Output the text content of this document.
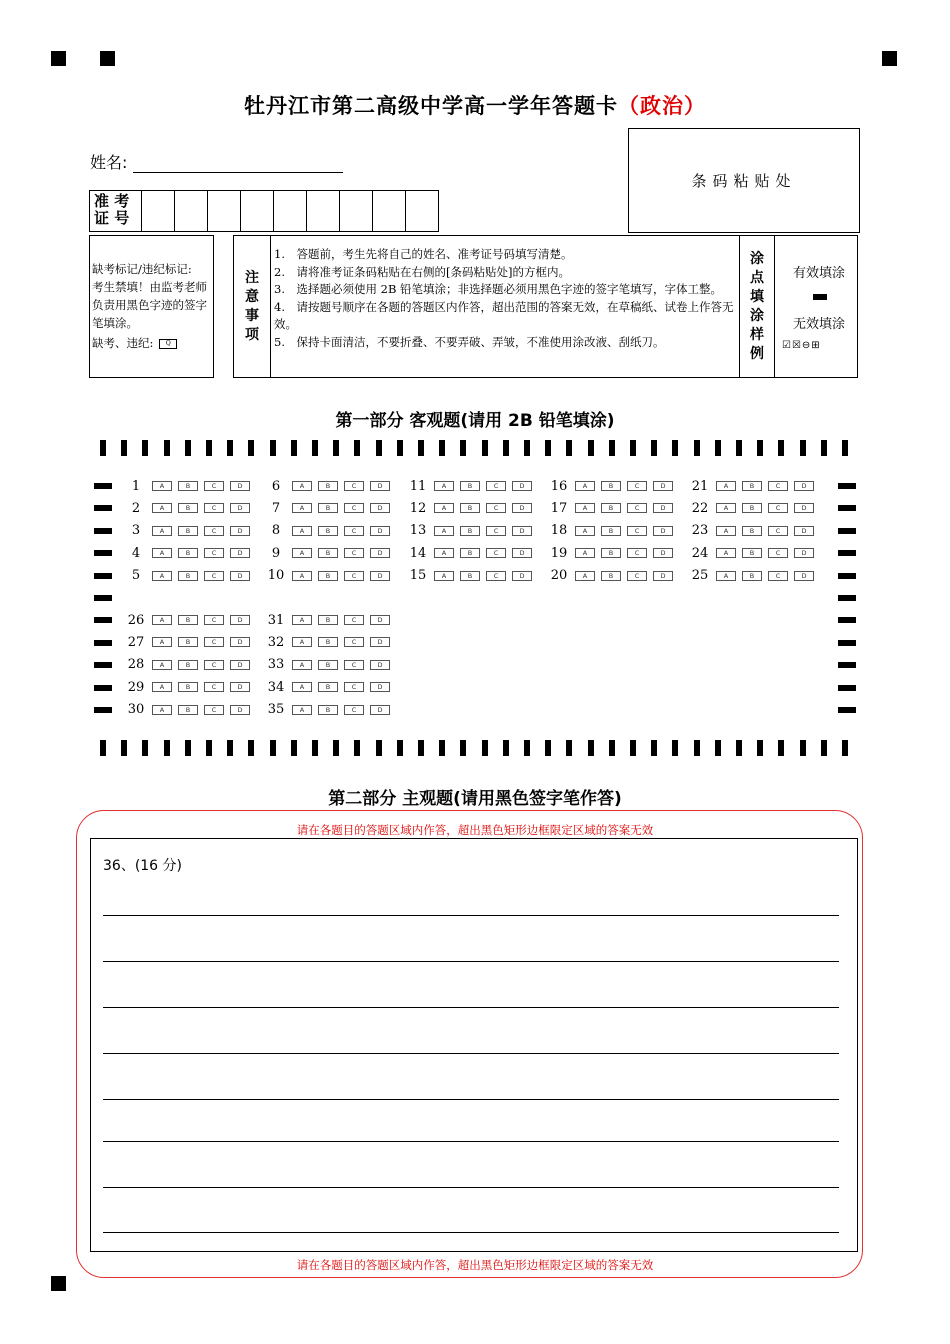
牡丹江市第二高级中学高一学年答题卡（政治）
姓名:
条码粘贴处
准 考
证 号
缺考标记/违纪标记:
考生禁填！由监考老师负责用黑色字迹的签字笔填涂。
缺考、违纪: Q
注
意
事
项

1.　答题前，考生先将自己的姓名、准考证号码填写清楚。

2.　请将准考证条码粘贴在右侧的[条码粘贴处]的方框内。

3.　选择题必须使用 2B 铅笔填涂；非选择题必须用黑色字迹的签字笔填写，字体工整。

4.　请按题号顺序在各题的答题区内作答，超出范围的答案无效，在草稿纸、试卷上作答无效。

5.　保持卡面清洁，不要折叠、不要弄破、弄皱，不准使用涂改液、刮纸刀。

涂
点
填
涂
样
例
有效填涂
无效填涂
☑☒⊖⊞
第一部分 客观题(请用 2B 铅笔填涂)
1	A	B	C	D	6	A	B	C	D	11	A	B	C	D	16	A	B	C	D	21	A	B	C	D
2	A	B	C	D	7	A	B	C	D	12	A	B	C	D	17	A	B	C	D	22	A	B	C	D
3	A	B	C	D	8	A	B	C	D	13	A	B	C	D	18	A	B	C	D	23	A	B	C	D
4	A	B	C	D	9	A	B	C	D	14	A	B	C	D	19	A	B	C	D	24	A	B	C	D
5	A	B	C	D	10	A	B	C	D	15	A	B	C	D	20	A	B	C	D	25	A	B	C	D
26	A	B	C	D	31	A	B	C	D
27	A	B	C	D	32	A	B	C	D
28	A	B	C	D	33	A	B	C	D
29	A	B	C	D	34	A	B	C	D
30	A	B	C	D	35	A	B	C	D
第二部分 主观题(请用黑色签字笔作答)
请在各题目的答题区域内作答，超出黑色矩形边框限定区域的答案无效
36、(16 分)
请在各题目的答题区域内作答，超出黑色矩形边框限定区域的答案无效
